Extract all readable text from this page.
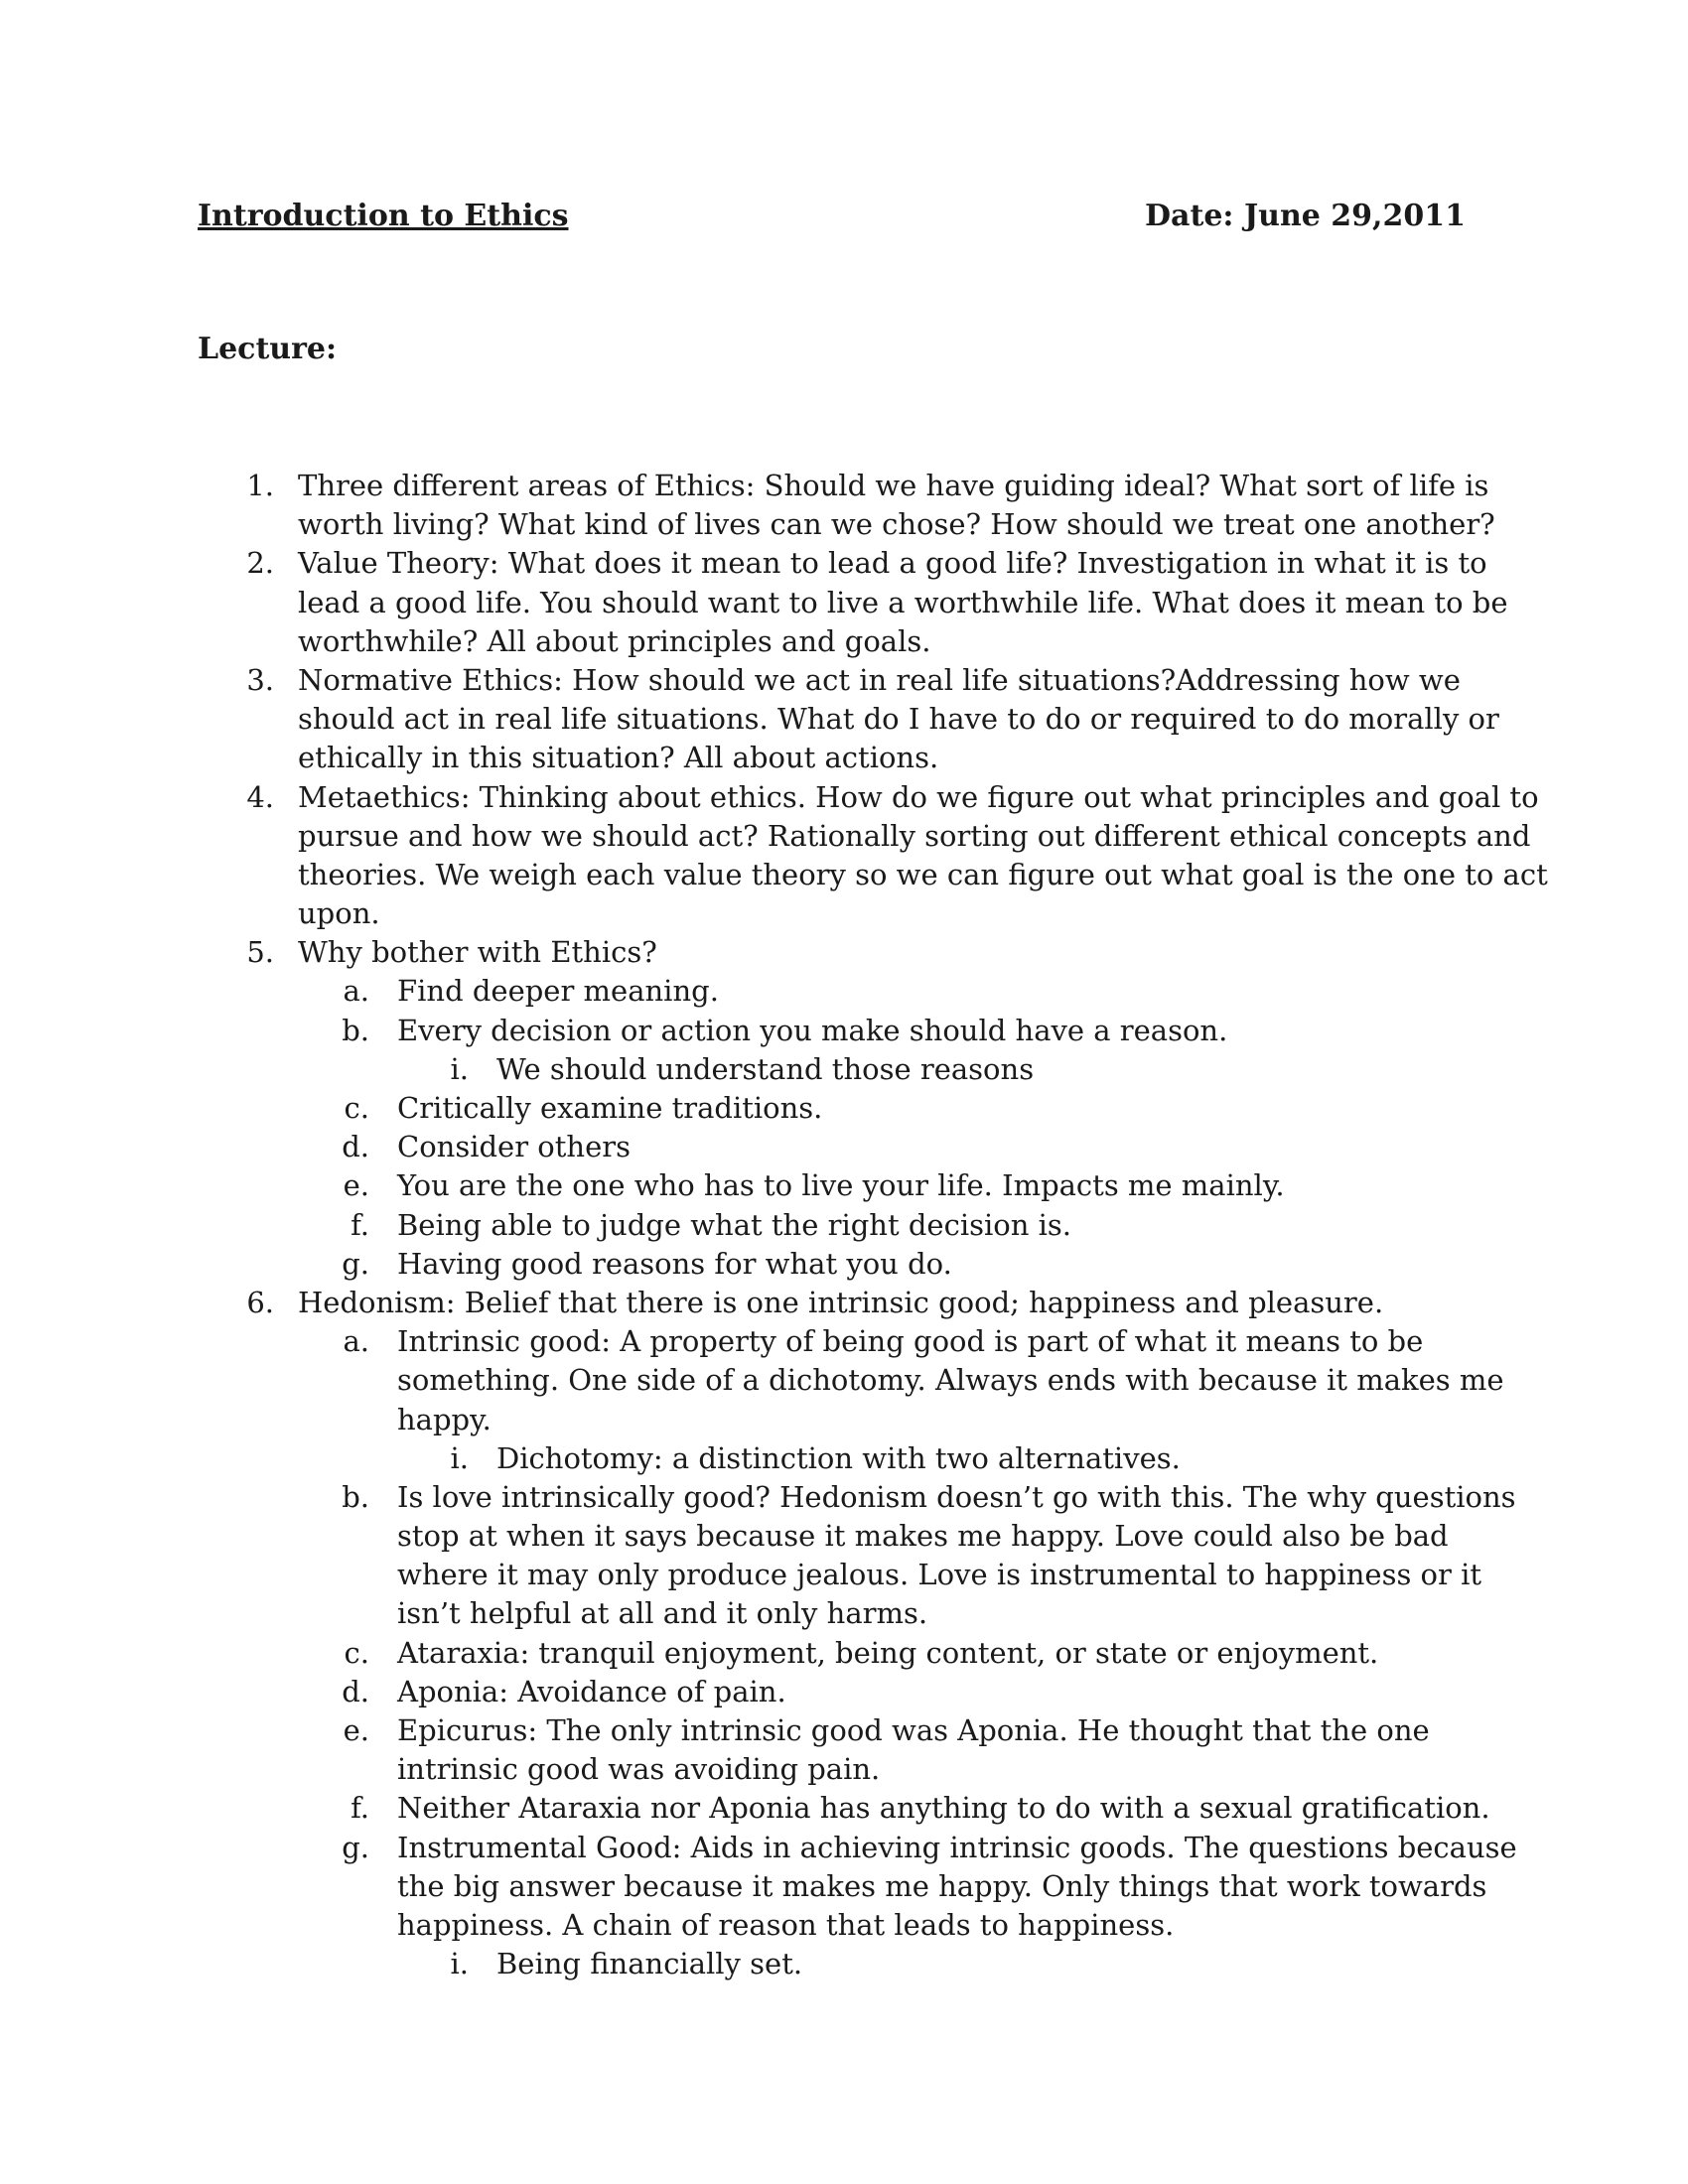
Introduction to Ethics	Date: June 29,2011
Lecture:
1. Three different areas of Ethics: Should we have guiding ideal? What sort of life is
worth living? What kind of lives can we chose? How should we treat one another?
2. Value Theory: What does it mean to lead a good life? Investigation in what it is to
lead a good life. You should want to live a worthwhile life. What does it mean to be
worthwhile? All about principles and goals.
3. Normative Ethics: How should we act in real life situations?Addressing how we
should act in real life situations. What do I have to do or required to do morally or
ethically in this situation? All about actions.
4. Metaethics: Thinking about ethics. How do we figure out what principles and goal to
pursue and how we should act? Rationally sorting out different ethical concepts and
theories. We weigh each value theory so we can figure out what goal is the one to act
upon.
5. Why bother with Ethics?
a. Find deeper meaning.
b. Every decision or action you make should have a reason.
i. We should understand those reasons
c. Critically examine traditions.
d. Consider others
e. You are the one who has to live your life. Impacts me mainly.
f. Being able to judge what the right decision is.
g. Having good reasons for what you do.
6. Hedonism: Belief that there is one intrinsic good; happiness and pleasure.
a. Intrinsic good: A property of being good is part of what it means to be
something. One side of a dichotomy. Always ends with because it makes me
happy.
i. Dichotomy: a distinction with two alternatives.
b. Is love intrinsically good? Hedonism doesn’t go with this. The why questions
stop at when it says because it makes me happy. Love could also be bad
where it may only produce jealous. Love is instrumental to happiness or it
isn’t helpful at all and it only harms.
c. Ataraxia: tranquil enjoyment, being content, or state or enjoyment.
d. Aponia: Avoidance of pain.
e. Epicurus: The only intrinsic good was Aponia. He thought that the one
intrinsic good was avoiding pain.
f. Neither Ataraxia nor Aponia has anything to do with a sexual gratification.
g. Instrumental Good: Aids in achieving intrinsic goods. The questions because
the big answer because it makes me happy. Only things that work towards
happiness. A chain of reason that leads to happiness.
i. Being financially set.
